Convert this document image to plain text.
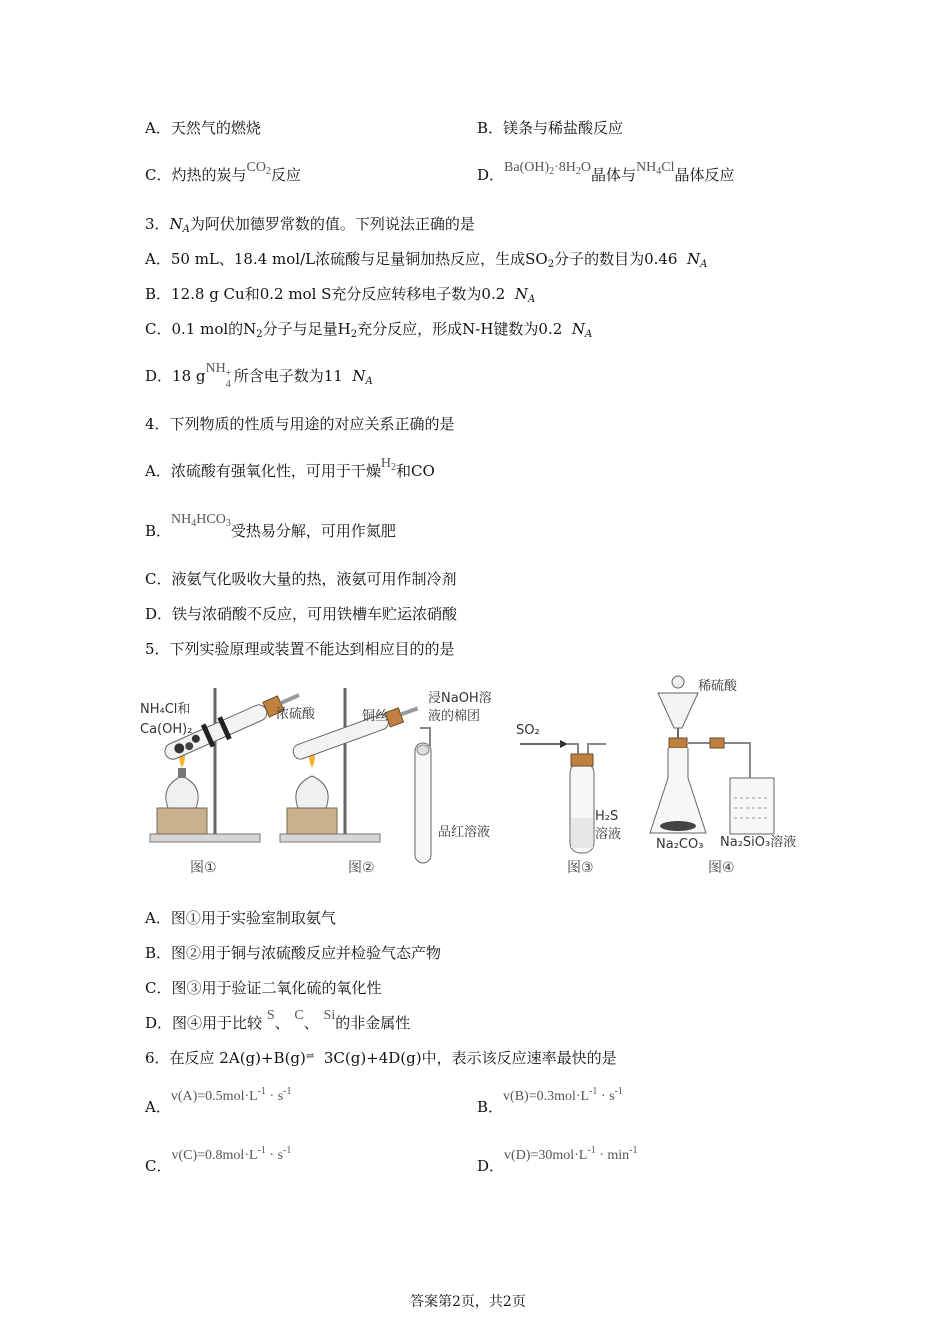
A．天然气的燃烧	B．镁条与稀盐酸反应
C．灼热的炭与$CO_2$反应	D．$Ba(OH)_2\cdot 8H_2O$晶体与$NH_4Cl$晶体反应
3．$N_A$为阿伏加德罗常数的值。下列说法正确的是
A．50 mL、18.4 mol/L浓硫酸与足量铜加热反应，生成$SO_2$分子的数目为0.46 $N_A$
B．12.8 g Cu和0.2 mol S充分反应转移电子数为0.2 $N_A$
C．0.1 mol的$N_2$分子与足量$H_2$充分反应，形成N-H键数为0.2 $N_A$
D．18 gNH +
4 所含电子数为11 $N_A$
4．下列物质的性质与用途的对应关系正确的是
A．浓硫酸有强氧化性，可用于干燥$H_2$和CO
B．$NH_4HCO_3$受热易分解，可用作氮肥
C．液氨气化吸收大量的热，液氨可用作制冷剂
D．铁与浓硝酸不反应，可用铁槽车贮运浓硝酸
5．下列实验原理或装置不能达到相应目的的是
NH₄Cl和
Ca(OH)₂
图①
浓硫酸	铜丝
浸NaOH溶
液的棉团
品红溶液
图②
SO₂
H₂S
溶液
图③
稀硫酸
Na₂CO₃ Na₂SiO₃溶液
图④
A．图①用于实验室制取氨气
B．图②用于铜与浓硫酸反应并检验气态产物
C．图③用于验证二氧化硫的氧化性
D．图④用于比较 S、 C、 Si的非金属性
6．在反应 2A(g)+B(g)⇌ 3C(g)+4D(g)中，表示该反应速率最快的是
A．$v(A)=0.5mol\cdot L^{-1} \cdot s^{-1}$
B．$v(B)=0.3mol\cdot L^{-1} \cdot s^{-1}$
C．$v(C)=0.8mol\cdot L^{-1} \cdot s^{-1}$
D．$v(D)=30mol\cdot L^{-1} \cdot \min^{-1}$
答案第2页，共2页
